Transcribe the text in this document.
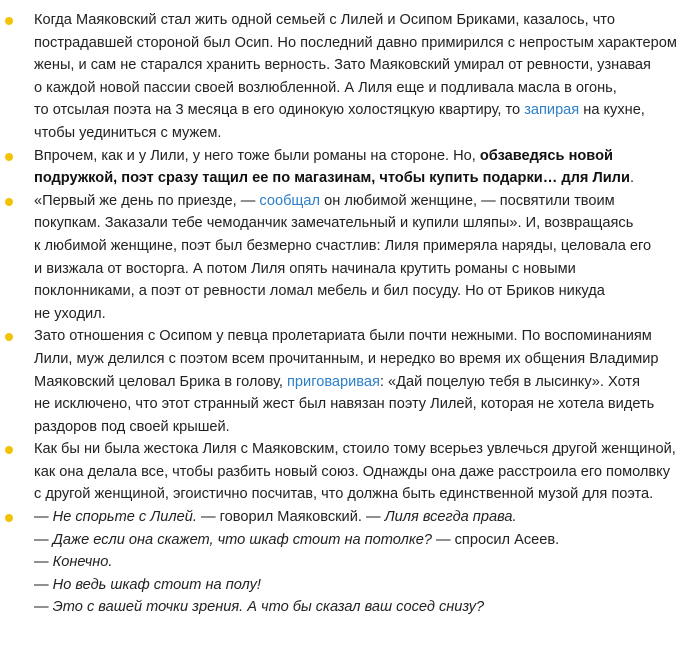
Когда Маяковский стал жить одной семьей с Лилей и Осипом Бриками, казалось, что
пострадавшей стороной был Осип. Но последний давно примирился с непростым характером
жены, и сам не старался хранить верность. Зато Маяковский умирал от ревности, узнавая
о каждой новой пассии своей возлюбленной. А Лиля еще и подливала масла в огонь,
то отсылая поэта на 3 месяца в его одинокую холостяцкую квартиру, то запирая на кухне,
чтобы уединиться с мужем.
Впрочем, как и у Лили, у него тоже были романы на стороне. Но, обзаведясь новой
подружкой, поэт сразу тащил ее по магазинам, чтобы купить подарки… для Лили.
«Первый же день по приезде, — сообщал он любимой женщине, — посвятили твоим
покупкам. Заказали тебе чемоданчик замечательный и купили шляпы». И, возвращаясь
к любимой женщине, поэт был безмерно счастлив: Лиля примеряла наряды, целовала его
и визжала от восторга. А потом Лиля опять начинала крутить романы с новыми
поклонниками, а поэт от ревности ломал мебель и бил посуду. Но от Бриков никуда
не уходил.
Зато отношения с Осипом у певца пролетариата были почти нежными. По воспоминаниям
Лили, муж делился с поэтом всем прочитанным, и нередко во время их общения Владимир
Маяковский целовал Брика в голову, приговаривая: «Дай поцелую тебя в лысинку». Хотя
не исключено, что этот странный жест был навязан поэту Лилей, которая не хотела видеть
раздоров под своей крышей.
Как бы ни была жестока Лиля с Маяковским, стоило тому всерьез увлечься другой женщиной,
как она делала все, чтобы разбить новый союз. Однажды она даже расстроила его помолвку
с другой женщиной, эгоистично посчитав, что должна быть единственной музой для поэта.
— Не спорьте с Лилей. — говорил Маяковский. — Лиля всегда права.
— Даже если она скажет, что шкаф стоит на потолке? — спросил Асеев.
— Конечно.
— Но ведь шкаф стоит на полу!
— Это с вашей точки зрения. А что бы сказал ваш сосед снизу?
